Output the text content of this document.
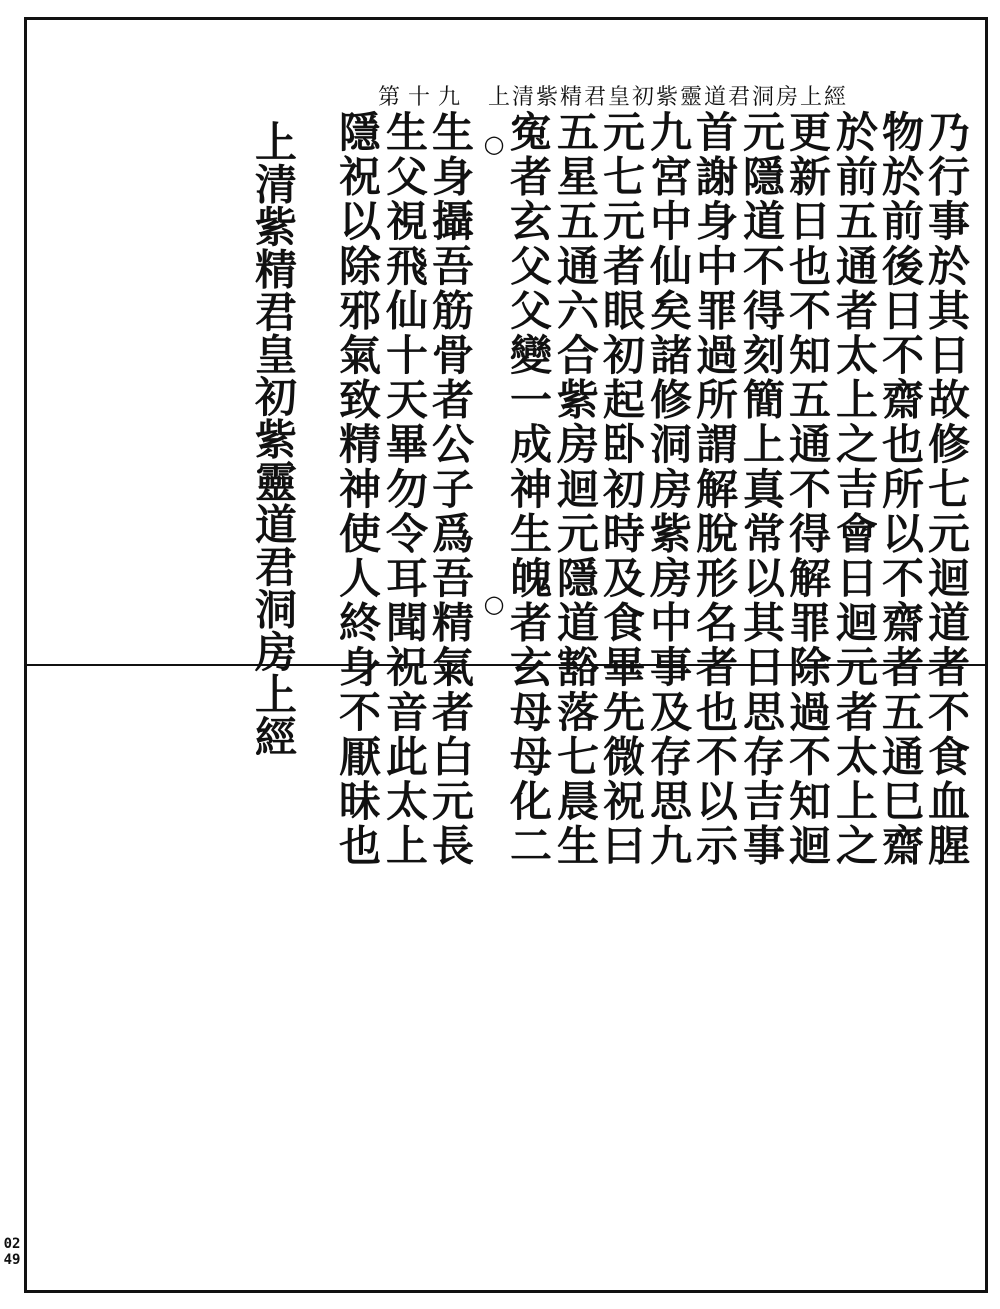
第十九 上清紫精君皇初紫靈道君洞房上經
乃行事於其日故修七元迴道者不食血腥
物於前後日不齋也所以不齋者五通巳齋
於前五通者太上之吉會日迴元者太上之
更新日也不知五通不得解罪除過不知迴
元隱道不得刻簡上真常以其日思存吉事
首謝身中罪過所謂解脫形名者也不以示
九宮中仙矣諸修洞房紫房中事及存思九
元七元者眼初起卧初時及食畢先微祝曰
五星五通六合紫房迴元隱道豁落七晨生
寃者玄父父變一成神生魄者玄母母化二
生身攝吾筋骨者公子爲吾精氣者白元長
生父視飛仙十天畢勿令耳聞祝音此太上
隱祝以除邪氣致精神使人終身不厭昧也	○
○
上清紫精君皇初紫靈道君洞房上經
0249
